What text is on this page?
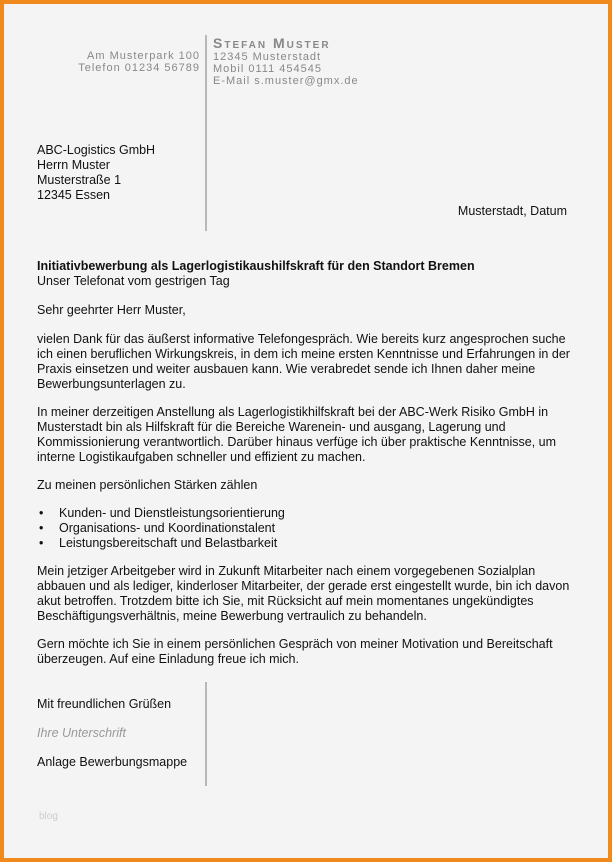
Am Musterpark 100
Telefon 01234 56789
Stefan Muster
12345 Musterstadt
Mobil 0111 454545
E-Mail s.muster@gmx.de
ABC-Logistics GmbH
Herrn Muster
Musterstraße 1
12345 Essen
Musterstadt, Datum

Initiativbewerbung als Lagerlogistikaushilfskraft für den Standort Bremen

Unser Telefonat vom gestrigen Tag

Sehr geehrter Herr Muster,

vielen Dank für das äußerst informative Telefongespräch. Wie bereits kurz angesprochen suche ich einen beruflichen Wirkungskreis, in dem ich meine ersten Kenntnisse und Erfahrungen in der Praxis einsetzen und weiter ausbauen kann. Wie verabredet sende ich Ihnen daher meine Bewerbungsunterlagen zu.

In meiner derzeitigen Anstellung als Lagerlogistikhilfskraft bei der ABC-Werk Risiko GmbH in Musterstadt bin als Hilfskraft für die Bereiche Warenein- und ausgang, Lagerung und Kommissionierung verantwortlich. Darüber hinaus verfüge ich über praktische Kenntnisse, um interne Logistikaufgaben schneller und effizient zu machen.

Zu meinen persönlichen Stärken zählen

• Kunden- und Dienstleistungsorientierung
• Organisations- und Koordinationstalent
• Leistungsbereitschaft und Belastbarkeit

Mein jetziger Arbeitgeber wird in Zukunft Mitarbeiter nach einem vorgegebenen Sozialplan abbauen und als lediger, kinderloser Mitarbeiter, der gerade erst eingestellt wurde, bin ich davon akut betroffen. Trotzdem bitte ich Sie, mit Rücksicht auf mein momentanes ungekündigtes Beschäftigungsverhältnis, meine Bewerbung vertraulich zu behandeln.

Gern möchte ich Sie in einem persönlichen Gespräch von meiner Motivation und Bereitschaft überzeugen. Auf eine Einladung freue ich mich.

Mit freundlichen Grüßen
Ihre Unterschrift
Anlage Bewerbungsmappe
blog
